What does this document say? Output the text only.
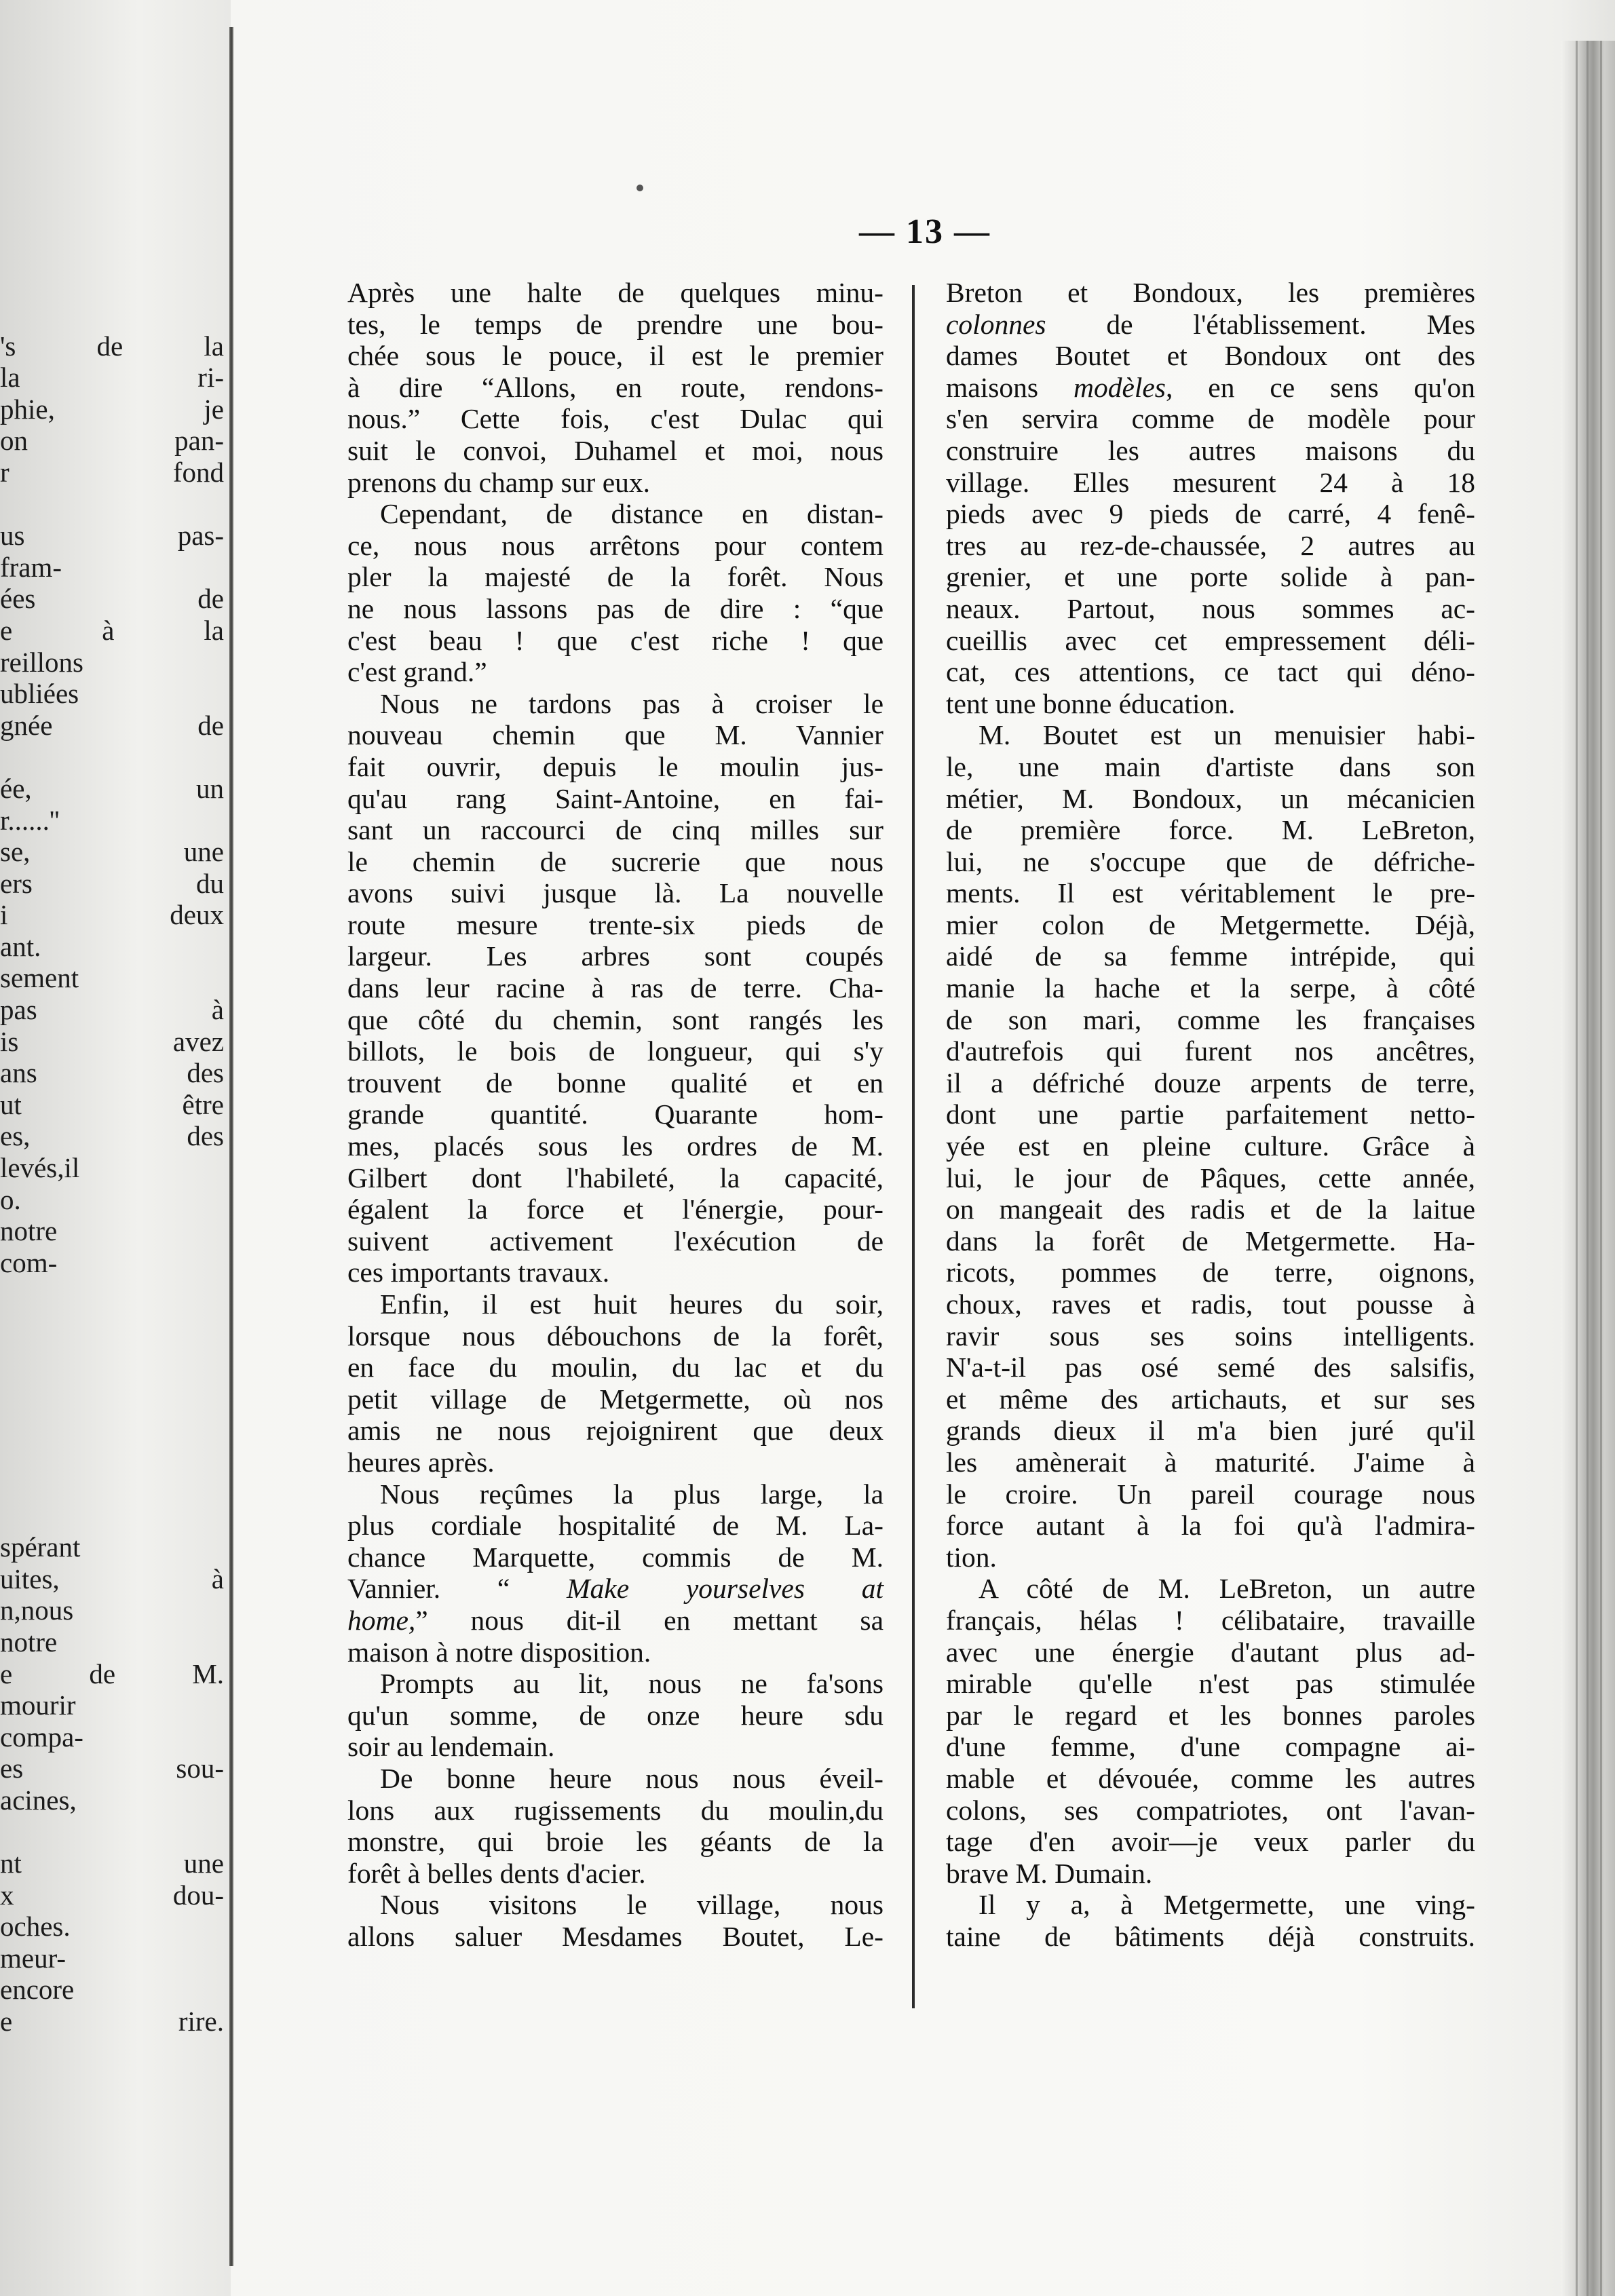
's de la
la ri-
phie, je
on pan-
r fond
us pas-
fram-
ées de
e à la
reillons
ubliées
gnée de
ée, un
r......''
se, une
ers du
i deux
ant.
sement
pas à
is avez
ans des
ut être
es, des
levés,il
o.
notre
com-
spérant
uites, à
n,nous
notre
e de M.
mourir
compa-
es sou-
acines,
nt une
x dou-
oches.
meur-
encore
e rire.
— 13 —
Après une halte de quelques minu-
tes, le temps de prendre une bou-
chée sous le pouce, il est le premier
à dire “Allons, en route, rendons-
nous.” Cette fois, c'est Dulac qui
suit le convoi, Duhamel et moi, nous
prenons du champ sur eux.
Cependant, de distance en distan-
ce, nous nous arrêtons pour contem
pler la majesté de la forêt. Nous
ne nous lassons pas de dire : “que
c'est beau ! que c'est riche ! que
c'est grand.”
Nous ne tardons pas à croiser le
nouveau chemin que M. Vannier
fait ouvrir, depuis le moulin jus-
qu'au rang Saint-Antoine, en fai-
sant un raccourci de cinq milles sur
le chemin de sucrerie que nous
avons suivi jusque là. La nouvelle
route mesure trente-six pieds de
largeur. Les arbres sont coupés
dans leur racine à ras de terre. Cha-
que côté du chemin, sont rangés les
billots, le bois de longueur, qui s'y
trouvent de bonne qualité et en
grande quantité. Quarante hom-
mes, placés sous les ordres de M.
Gilbert dont l'habileté, la capacité,
égalent la force et l'énergie, pour-
suivent activement l'exécution de
ces importants travaux.
Enfin, il est huit heures du soir,
lorsque nous débouchons de la forêt,
en face du moulin, du lac et du
petit village de Metgermette, où nos
amis ne nous rejoignirent que deux
heures après.
Nous reçûmes la plus large, la
plus cordiale hospitalité de M. La-
chance Marquette, commis de M.
Vannier. “ Make yourselves at
home,” nous dit-il en mettant sa
maison à notre disposition.
Prompts au lit, nous ne fa'sons
qu'un somme, de onze heure sdu
soir au lendemain.
De bonne heure nous nous éveil-
lons aux rugissements du moulin,du
monstre, qui broie les géants de la
forêt à belles dents d'acier.
Nous visitons le village, nous
allons saluer Mesdames Boutet, Le-
Breton et Bondoux, les premières
colonnes de l'établissement. Mes
dames Boutet et Bondoux ont des
maisons modèles, en ce sens qu'on
s'en servira comme de modèle pour
construire les autres maisons du
village. Elles mesurent 24 à 18
pieds avec 9 pieds de carré, 4 fenê-
tres au rez-de-chaussée, 2 autres au
grenier, et une porte solide à pan-
neaux. Partout, nous sommes ac-
cueillis avec cet empressement déli-
cat, ces attentions, ce tact qui déno-
tent une bonne éducation.
M. Boutet est un menuisier habi-
le, une main d'artiste dans son
métier, M. Bondoux, un mécanicien
de première force. M. LeBreton,
lui, ne s'occupe que de défriche-
ments. Il est véritablement le pre-
mier colon de Metgermette. Déjà,
aidé de sa femme intrépide, qui
manie la hache et la serpe, à côté
de son mari, comme les françaises
d'autrefois qui furent nos ancêtres,
il a défriché douze arpents de terre,
dont une partie parfaitement netto-
yée est en pleine culture. Grâce à
lui, le jour de Pâques, cette année,
on mangeait des radis et de la laitue
dans la forêt de Metgermette. Ha-
ricots, pommes de terre, oignons,
choux, raves et radis, tout pousse à
ravir sous ses soins intelligents.
N'a-t-il pas osé semé des salsifis,
et même des artichauts, et sur ses
grands dieux il m'a bien juré qu'il
les amènerait à maturité. J'aime à
le croire. Un pareil courage nous
force autant à la foi qu'à l'admira-
tion.
A côté de M. LeBreton, un autre
français, hélas ! célibataire, travaille
avec une énergie d'autant plus ad-
mirable qu'elle n'est pas stimulée
par le regard et les bonnes paroles
d'une femme, d'une compagne ai-
mable et dévouée, comme les autres
colons, ses compatriotes, ont l'avan-
tage d'en avoir—je veux parler du
brave M. Dumain.
Il y a, à Metgermette, une ving-
taine de bâtiments déjà construits.
